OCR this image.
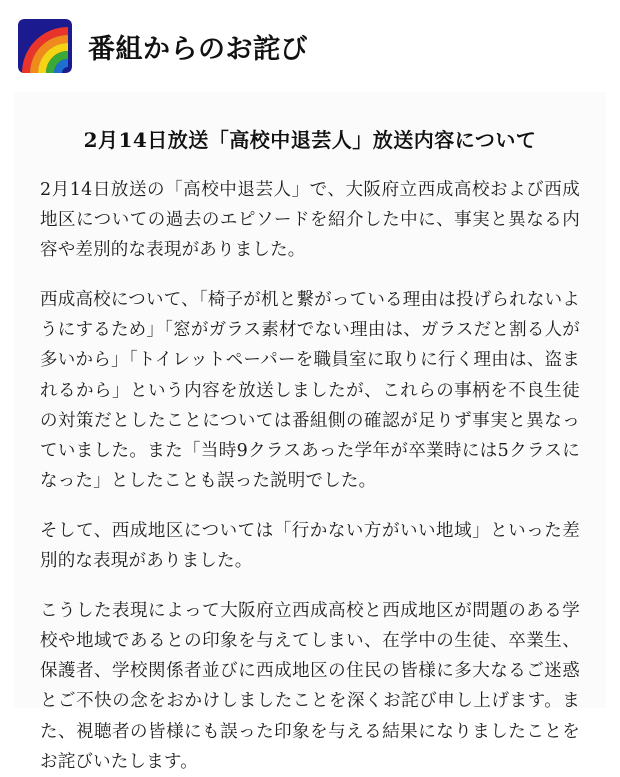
番組からのお詫び
2月14日放送「高校中退芸人」放送内容について

2月14日放送の「高校中退芸人」で、大阪府立西成高校および西成地区についての過去のエピソードを紹介した中に、事実と異なる内容や差別的な表現がありました。

西成高校について、「椅子が机と繋がっている理由は投げられないようにするため」「窓がガラス素材でない理由は、ガラスだと割る人が多いから」「トイレットペーパーを職員室に取りに行く理由は、盗まれるから」という内容を放送しましたが、これらの事柄を不良生徒の対策だとしたことについては番組側の確認が足りず事実と異なっていました。また「当時9クラスあった学年が卒業時には5クラスになった」としたことも誤った説明でした。

そして、西成地区については「行かない方がいい地域」といった差別的な表現がありました。

こうした表現によって大阪府立西成高校と西成地区が問題のある学校や地域であるとの印象を与えてしまい、在学中の生徒、卒業生、保護者、学校関係者並びに西成地区の住民の皆様に多大なるご迷惑とご不快の念をおかけしましたことを深くお詫び申し上げます。また、視聴者の皆様にも誤った印象を与える結果になりましたことをお詫びいたします。
